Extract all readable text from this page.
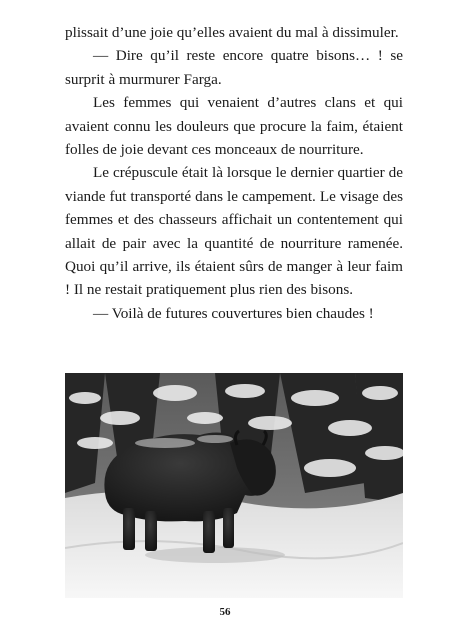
plissait d’une joie qu’elles avaient du mal à dissimuler.

— Dire qu’il reste encore quatre bisons… ! se surprit à murmurer Farga.

Les femmes qui venaient d’autres clans et qui avaient connu les douleurs que procure la faim, étaient folles de joie devant ces monceaux de nourriture.

Le crépuscule était là lorsque le dernier quartier de viande fut transporté dans le campement. Le visage des femmes et des chasseurs affichait un contentement qui allait de pair avec la quantité de nourriture ramenée. Quoi qu’il arrive, ils étaient sûrs de manger à leur faim ! Il ne restait pratiquement plus rien des bisons.

— Voilà de futures couvertures bien chaudes !

56
